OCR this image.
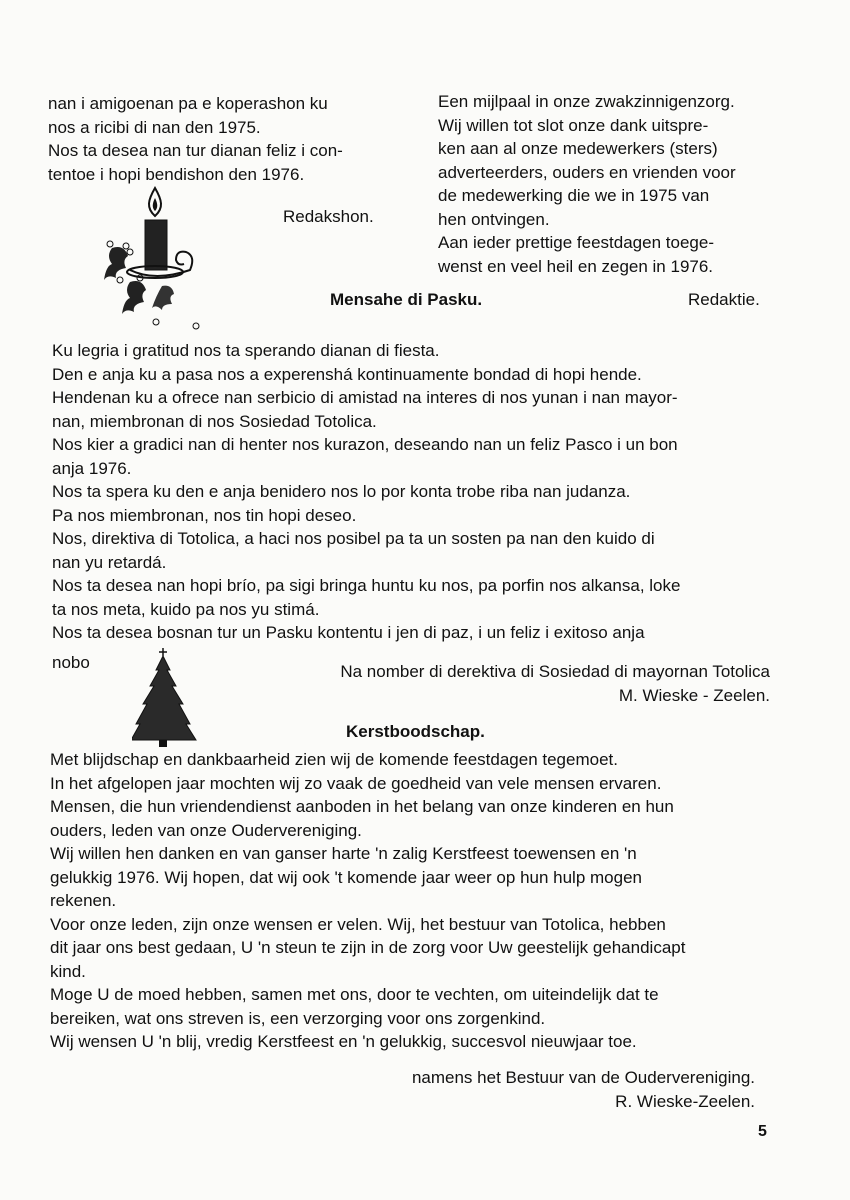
nan i amigoenan pa e koperashon ku
nos a ricibi di nan den 1975.
Nos ta desea nan tur dianan feliz i con-
tentoe i hopi bendishon den 1976.
Redakshon.
Een mijlpaal in onze zwakzinnigenzorg.
Wij willen tot slot onze dank uitspre-
ken aan al onze medewerkers (sters)
adverteerders, ouders en vrienden voor
de medewerking die we in 1975 van
hen ontvingen.
Aan ieder prettige feestdagen toege-
wenst en veel heil en zegen in 1976.
Mensahe di Pasku.	Redaktie.
Ku legria i gratitud nos ta sperando dianan di fiesta.
Den e anja ku a pasa nos a experenshá kontinuamente bondad di hopi hende.
Hendenan ku a ofrece nan serbicio di amistad na interes di nos yunan i nan mayor-
nan, miembronan di nos Sosiedad Totolica.
Nos kier a gradici nan di henter nos kurazon, deseando nan un feliz Pasco i un bon
anja 1976.
Nos ta spera ku den e anja benidero nos lo por konta trobe riba nan judanza.
Pa nos miembronan, nos tin hopi deseo.
Nos, direktiva di Totolica, a haci nos posibel pa ta un sosten pa nan den kuido di
nan yu retardá.
Nos ta desea nan hopi brío, pa sigi bringa huntu ku nos, pa porfin nos alkansa, loke
ta nos meta, kuido pa nos yu stimá.
Nos ta desea bosnan tur un Pasku kontentu i jen di paz, i un feliz i exitoso anja
nobo	Na nomber di derektiva di Sosiedad di mayornan Totolica
M. Wieske - Zeelen.
Kerstboodschap.
Met blijdschap en dankbaarheid zien wij de komende feestdagen tegemoet.
In het afgelopen jaar mochten wij zo vaak de goedheid van vele mensen ervaren.
Mensen, die hun vriendendienst aanboden in het belang van onze kinderen en hun
ouders, leden van onze Oudervereniging.
Wij willen hen danken en van ganser harte 'n zalig Kerstfeest toewensen en 'n
gelukkig 1976. Wij hopen, dat wij ook 't komende jaar weer op hun hulp mogen
rekenen.
Voor onze leden, zijn onze wensen er velen. Wij, het bestuur van Totolica, hebben
dit jaar ons best gedaan, U 'n steun te zijn in de zorg voor Uw geestelijk gehandicapt
kind.
Moge U de moed hebben, samen met ons, door te vechten, om uiteindelijk dat te
bereiken, wat ons streven is, een verzorging voor ons zorgenkind.
Wij wensen U 'n blij, vredig Kerstfeest en 'n gelukkig, succesvol nieuwjaar toe.
namens het Bestuur van de Oudervereniging.
R. Wieske-Zeelen.
5
